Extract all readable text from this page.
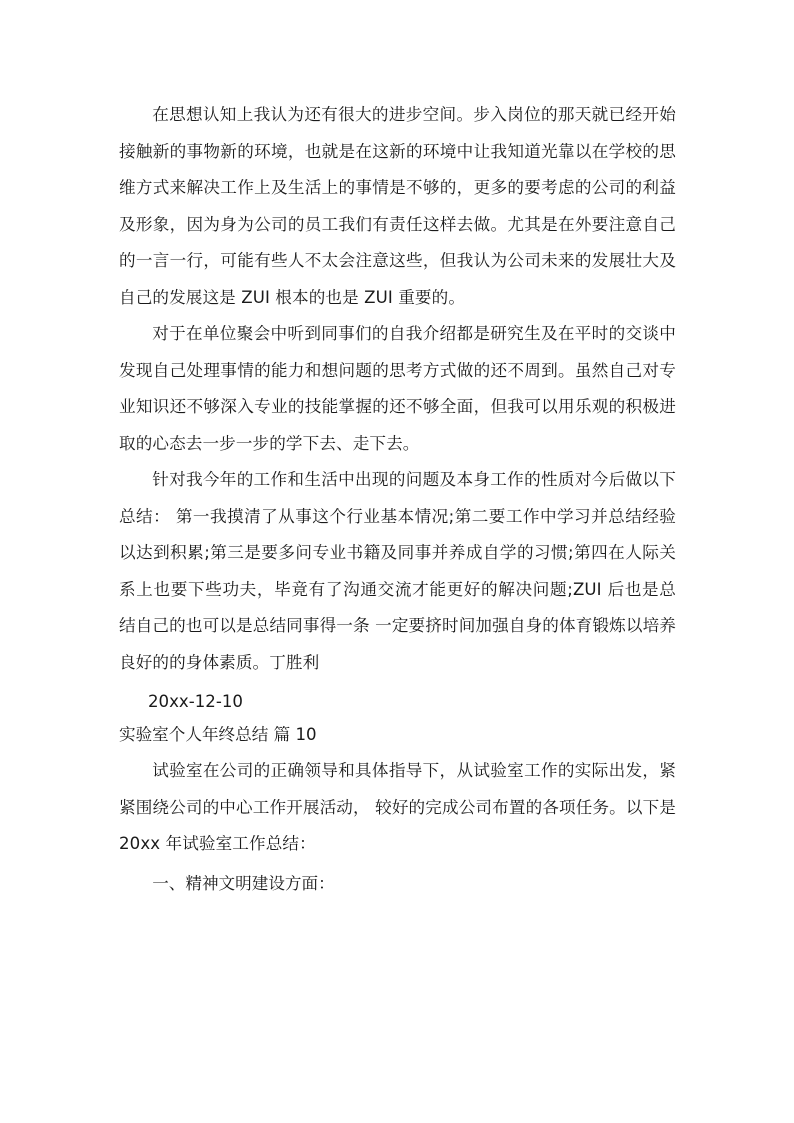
在思想认知上我认为还有很大的进步空间。步入岗位的那天就已经开始接触新的事物新的环境，也就是在这新的环境中让我知道光靠以在学校的思维方式来解决工作上及生活上的事情是不够的，更多的要考虑的公司的利益及形象，因为身为公司的员工我们有责任这样去做。尤其是在外要注意自己的一言一行，可能有些人不太会注意这些，但我认为公司未来的发展壮大及自己的发展这是 ZUI 根本的也是 ZUI 重要的。

对于在单位聚会中听到同事们的自我介绍都是研究生及在平时的交谈中发现自己处理事情的能力和想问题的思考方式做的还不周到。虽然自己对专业知识还不够深入专业的技能掌握的还不够全面，但我可以用乐观的积极进取的心态去一步一步的学下去、走下去。

针对我今年的工作和生活中出现的问题及本身工作的性质对今后做以下总结： 第一我摸清了从事这个行业基本情况;第二要工作中学习并总结经验以达到积累;第三是要多问专业书籍及同事并养成自学的习惯;第四在人际关系上也要下些功夫，毕竟有了沟通交流才能更好的解决问题;ZUI 后也是总结自己的也可以是总结同事得一条 一定要挤时间加强自身的体育锻炼以培养良好的的身体素质。丁胜利

20xx-12-10

实验室个人年终总结 篇 10

试验室在公司的正确领导和具体指导下，从试验室工作的实际出发，紧紧围绕公司的中心工作开展活动， 较好的完成公司布置的各项任务。以下是 20xx 年试验室工作总结：

一、精神文明建设方面：
